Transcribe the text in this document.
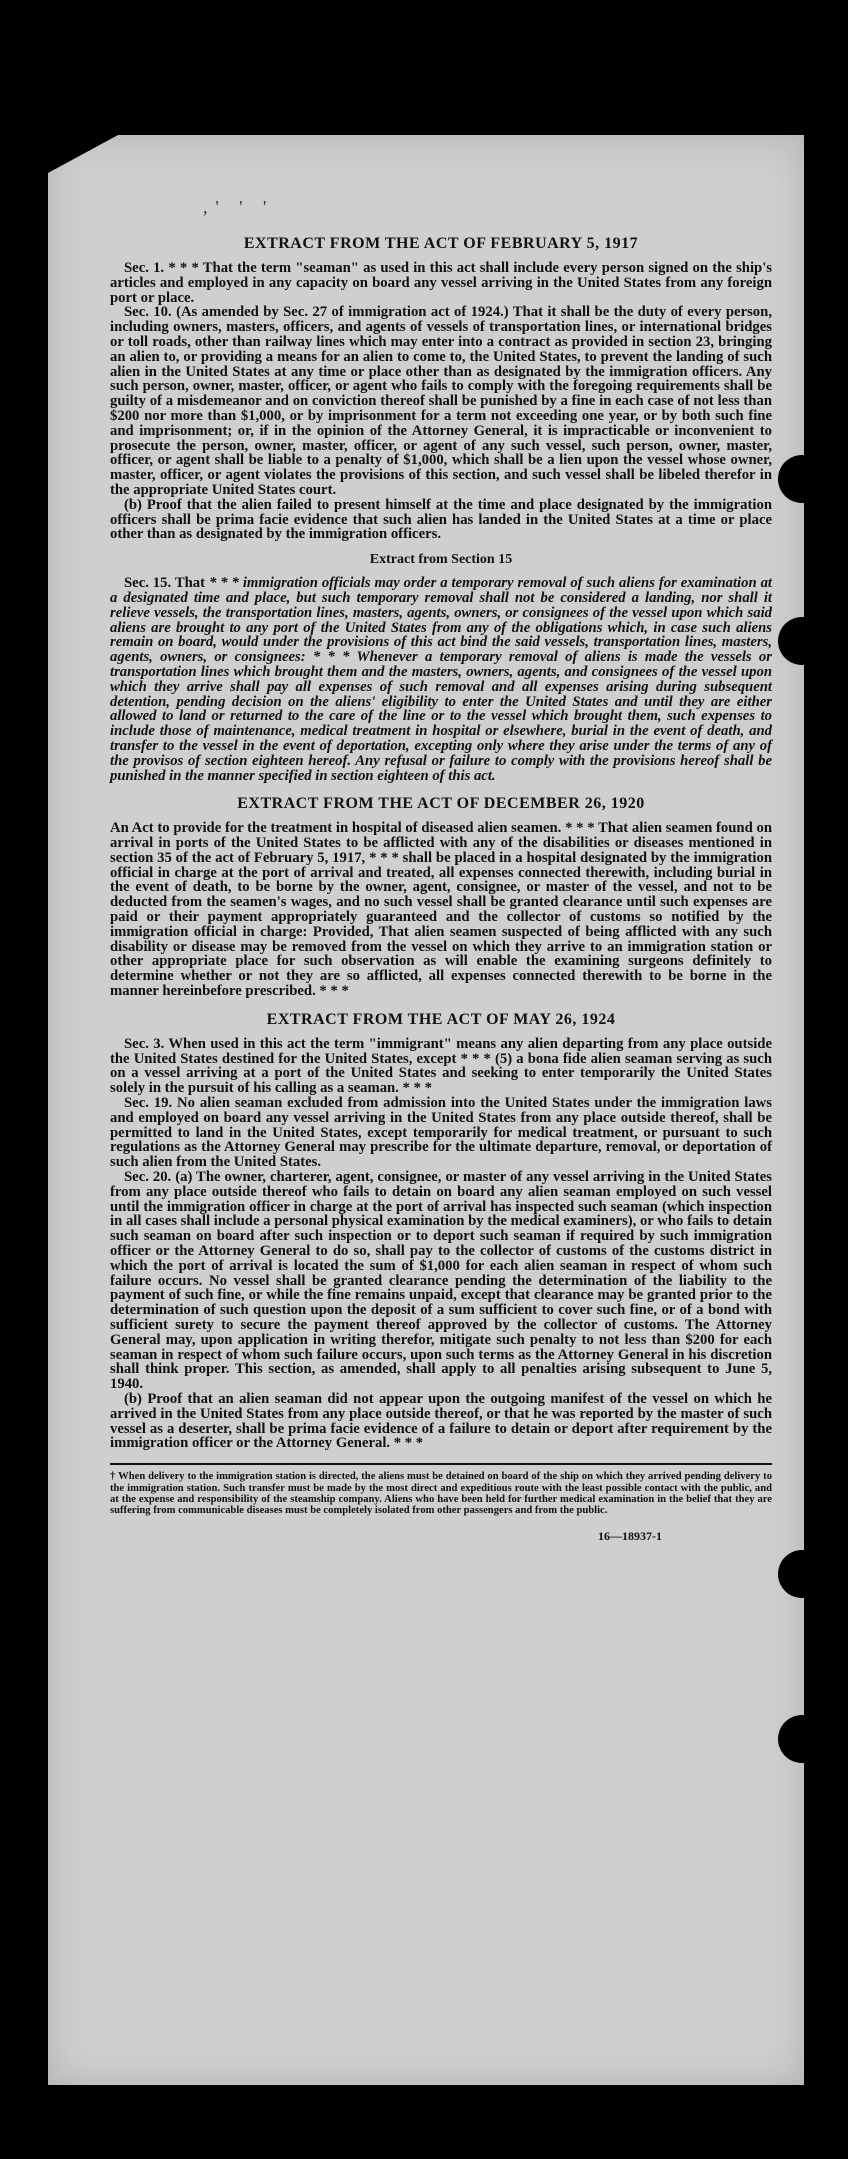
,' ' '
EXTRACT FROM THE ACT OF FEBRUARY 5, 1917

Sec. 1. * * * That the term "seaman" as used in this act shall include every person signed on the ship's articles and employed in any capacity on board any vessel arriving in the United States from any foreign port or place.

Sec. 10. (As amended by Sec. 27 of immigration act of 1924.) That it shall be the duty of every person, including owners, masters, officers, and agents of vessels of transportation lines, or international bridges or toll roads, other than railway lines which may enter into a contract as provided in section 23, bringing an alien to, or providing a means for an alien to come to, the United States, to prevent the landing of such alien in the United States at any time or place other than as designated by the immigration officers. Any such person, owner, master, officer, or agent who fails to comply with the foregoing requirements shall be guilty of a misdemeanor and on conviction thereof shall be punished by a fine in each case of not less than $200 nor more than $1,000, or by imprisonment for a term not exceeding one year, or by both such fine and imprisonment; or, if in the opinion of the Attorney General, it is impracticable or inconvenient to prosecute the person, owner, master, officer, or agent of any such vessel, such person, owner, master, officer, or agent shall be liable to a penalty of $1,000, which shall be a lien upon the vessel whose owner, master, officer, or agent violates the provisions of this section, and such vessel shall be libeled therefor in the appropriate United States court.

(b) Proof that the alien failed to present himself at the time and place designated by the immigration officers shall be prima facie evidence that such alien has landed in the United States at a time or place other than as designated by the immigration officers.

Extract from Section 15

Sec. 15. That * * * immigration officials may order a temporary removal of such aliens for examination at a designated time and place, but such temporary removal shall not be considered a landing, nor shall it relieve vessels, the transportation lines, masters, agents, owners, or consignees of the vessel upon which said aliens are brought to any port of the United States from any of the obligations which, in case such aliens remain on board, would under the provisions of this act bind the said vessels, transportation lines, masters, agents, owners, or consignees: * * * Whenever a temporary removal of aliens is made the vessels or transportation lines which brought them and the masters, owners, agents, and consignees of the vessel upon which they arrive shall pay all expenses of such removal and all expenses arising during subsequent detention, pending decision on the aliens' eligibility to enter the United States and until they are either allowed to land or returned to the care of the line or to the vessel which brought them, such expenses to include those of maintenance, medical treatment in hospital or elsewhere, burial in the event of death, and transfer to the vessel in the event of deportation, excepting only where they arise under the terms of any of the provisos of section eighteen hereof. Any refusal or failure to comply with the provisions hereof shall be punished in the manner specified in section eighteen of this act.

EXTRACT FROM THE ACT OF DECEMBER 26, 1920

An Act to provide for the treatment in hospital of diseased alien seamen. * * * That alien seamen found on arrival in ports of the United States to be afflicted with any of the disabilities or diseases mentioned in section 35 of the act of February 5, 1917, * * * shall be placed in a hospital designated by the immigration official in charge at the port of arrival and treated, all expenses connected therewith, including burial in the event of death, to be borne by the owner, agent, consignee, or master of the vessel, and not to be deducted from the seamen's wages, and no such vessel shall be granted clearance until such expenses are paid or their payment appropriately guaranteed and the collector of customs so notified by the immigration official in charge: Provided, That alien seamen suspected of being afflicted with any such disability or disease may be removed from the vessel on which they arrive to an immigration station or other appropriate place for such observation as will enable the examining surgeons definitely to determine whether or not they are so afflicted, all expenses connected therewith to be borne in the manner hereinbefore prescribed. * * *

EXTRACT FROM THE ACT OF MAY 26, 1924

Sec. 3. When used in this act the term "immigrant" means any alien departing from any place outside the United States destined for the United States, except * * * (5) a bona fide alien seaman serving as such on a vessel arriving at a port of the United States and seeking to enter temporarily the United States solely in the pursuit of his calling as a seaman. * * *

Sec. 19. No alien seaman excluded from admission into the United States under the immigration laws and employed on board any vessel arriving in the United States from any place outside thereof, shall be permitted to land in the United States, except temporarily for medical treatment, or pursuant to such regulations as the Attorney General may prescribe for the ultimate departure, removal, or deportation of such alien from the United States.

Sec. 20. (a) The owner, charterer, agent, consignee, or master of any vessel arriving in the United States from any place outside thereof who fails to detain on board any alien seaman employed on such vessel until the immigration officer in charge at the port of arrival has inspected such seaman (which inspection in all cases shall include a personal physical examination by the medical examiners), or who fails to detain such seaman on board after such inspection or to deport such seaman if required by such immigration officer or the Attorney General to do so, shall pay to the collector of customs of the customs district in which the port of arrival is located the sum of $1,000 for each alien seaman in respect of whom such failure occurs. No vessel shall be granted clearance pending the determination of the liability to the payment of such fine, or while the fine remains unpaid, except that clearance may be granted prior to the determination of such question upon the deposit of a sum sufficient to cover such fine, or of a bond with sufficient surety to secure the payment thereof approved by the collector of customs. The Attorney General may, upon application in writing therefor, mitigate such penalty to not less than $200 for each seaman in respect of whom such failure occurs, upon such terms as the Attorney General in his discretion shall think proper. This section, as amended, shall apply to all penalties arising subsequent to June 5, 1940.

(b) Proof that an alien seaman did not appear upon the outgoing manifest of the vessel on which he arrived in the United States from any place outside thereof, or that he was reported by the master of such vessel as a deserter, shall be prima facie evidence of a failure to detain or deport after requirement by the immigration officer or the Attorney General. * * *

† When delivery to the immigration station is directed, the aliens must be detained on board of the ship on which they arrived pending delivery to the immigration station. Such transfer must be made by the most direct and expeditious route with the least possible contact with the public, and at the expense and responsibility of the steamship company. Aliens who have been held for further medical examination in the belief that they are suffering from communicable diseases must be completely isolated from other passengers and from the public.
16—18937-1
